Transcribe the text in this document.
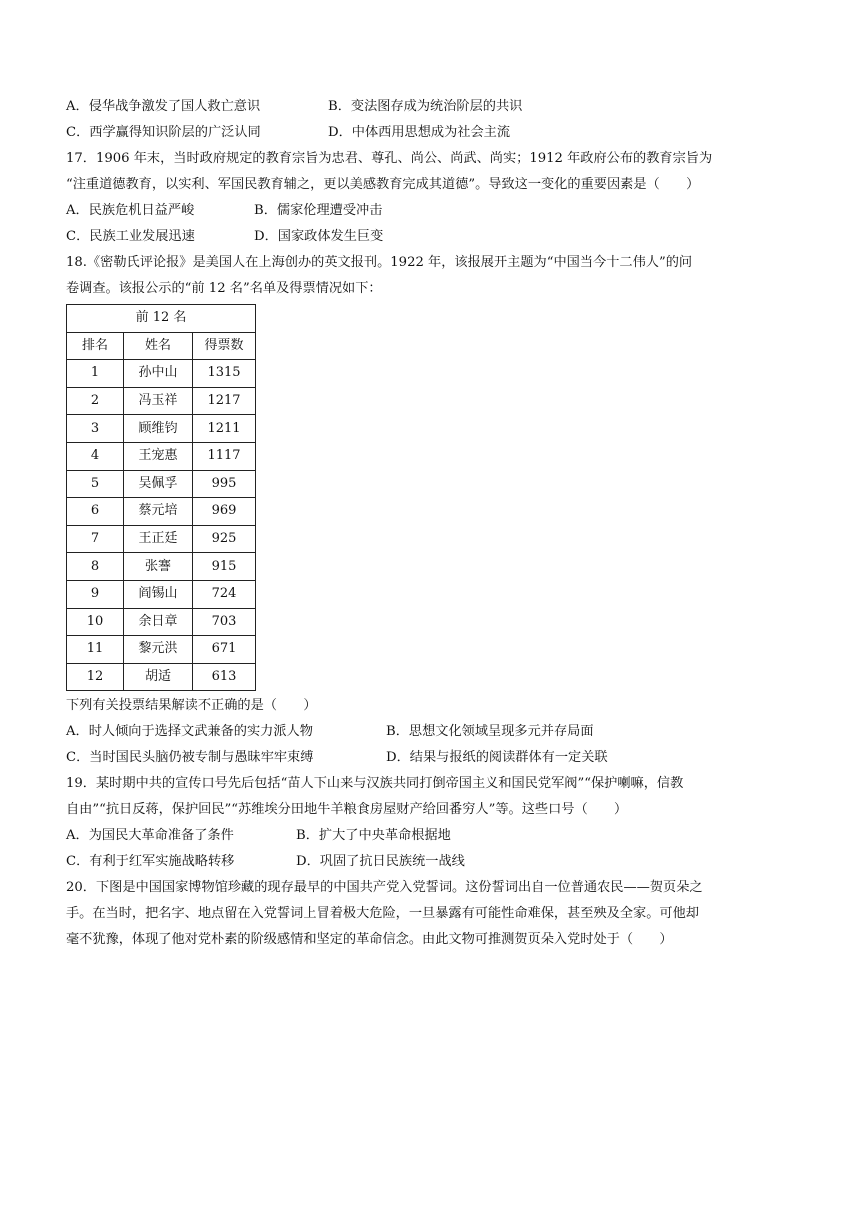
A．侵华战争激发了国人救亡意识	B．变法图存成为统治阶层的共识
C．西学赢得知识阶层的广泛认同	D．中体西用思想成为社会主流
17．1906 年末，当时政府规定的教育宗旨为忠君、尊孔、尚公、尚武、尚实；1912 年政府公布的教育宗旨为
“注重道德教育，以实利、军国民教育辅之，更以美感教育完成其道德”。导致这一变化的重要因素是（　　）
A．民族危机日益严峻	B．儒家伦理遭受冲击
C．民族工业发展迅速	D．国家政体发生巨变
18.《密勒氏评论报》是美国人在上海创办的英文报刊。1922 年，该报展开主题为“中国当今十二伟人”的问
卷调查。该报公示的“前 12 名”名单及得票情况如下：
前 12 名		
排名	姓名	得票数
1	孙中山	1315
2	冯玉祥	1217
3	顾维钧	1211
4	王宠惠	1117
5	吴佩孚	995
6	蔡元培	969
7	王正廷	925
8	张謇	915
9	阎锡山	724
10	余日章	703
11	黎元洪	671
12	胡适	613
下列有关投票结果解读不正确的是（　　）
A．时人倾向于选择文武兼备的实力派人物	B．思想文化领域呈现多元并存局面
C．当时国民头脑仍被专制与愚昧牢牢束缚	D．结果与报纸的阅读群体有一定关联
19．某时期中共的宣传口号先后包括“苗人下山来与汉族共同打倒帝国主义和国民党军阀”“保护喇嘛，信教
自由”“抗日反蒋，保护回民”“苏维埃分田地牛羊粮食房屋财产给回番穷人”等。这些口号（　　）
A．为国民大革命准备了条件	B．扩大了中央革命根据地
C．有利于红军实施战略转移	D．巩固了抗日民族统一战线
20．下图是中国国家博物馆珍藏的现存最早的中国共产党入党誓词。这份誓词出自一位普通农民——贺页朵之
手。在当时，把名字、地点留在入党誓词上冒着极大危险，一旦暴露有可能性命难保，甚至殃及全家。可他却
毫不犹豫，体现了他对党朴素的阶级感情和坚定的革命信念。由此文物可推测贺页朵入党时处于（　　）
